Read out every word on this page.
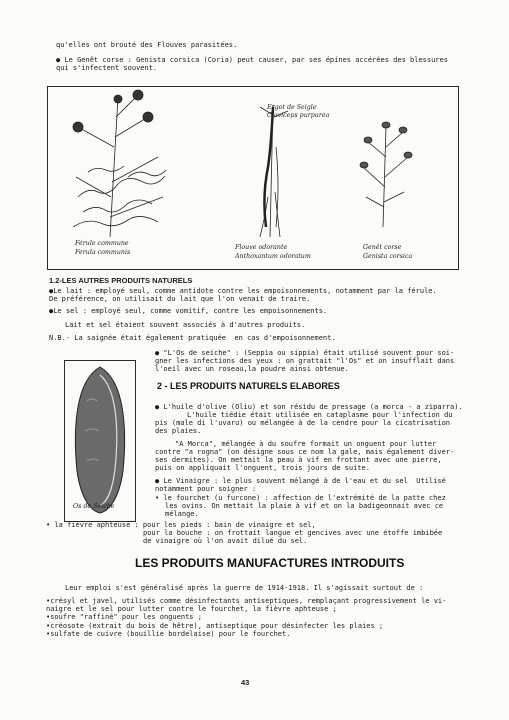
qu'elles ont brouté des Flouves parasitées.
● Le Genêt corse : Genista corsica (Coria) peut causer, par ses épines accérées des blessures
qui s'infectent souvent.
Ergot de Seigle
Claviceps purpurea
Férule commune
Ferula communis
Flouve odorante
Anthoxantum odoratum
Genêt corse
Genista corsica
1.2-LES AUTRES PRODUITS NATURELS
●Le lait : employé seul, comme antidote contre les empoisonnements, notamment par la férule.
De préférence, on utilisait du lait que l'on venait de traire.
●Le sel : employé seul, comme vomitif, contre les empoisonnements.
Lait et sel étaient souvent associés à d'autres produits.
N.B.- La saignée était également pratiquée  en cas d'empoisonnement.
Os de Seiche
● "L'Os de seiche" : (Seppia ou sippia) était utilisé souvent pour soi-
gner les infections des yeux : on grattait "l'Os" et on insufflait dans
l'oeil avec un roseau,la poudre ainsi obtenue.
2 - LES PRODUITS NATURELS ELABORES
● L'huile d'olive (Oliu) et son résidu de pressage (a morca - a ziparra).
L'huile tiédie était utilisée en cataplasme pour l'infection du
pis (male di l'uvaru) ou mélangée à de la cendre pour la cicatrisation
des plaies.
"A Morca", mélangée à du soufre formait un onguent pour lutter
contre "a rogna" (on désigne sous ce nom la gale, mais également diver-
ses dermites). On mettait la peau à vif en frottant avec une pierre,
puis on appliquait l'onguent, trois jours de suite.
● Le Vinaigre : le plus souvent mélangé à de l'eau et du sel  Utilisé
notamment pour soigner :
• le fourchet (u furcone) : affection de l'extrémité de la patte chez
les ovins. On mettait la plaie à vif et on la badigeonnait avec ce
mélange.
• la fièvre aphteuse : pour les pieds : bain de vinaigre et sel,
pour la bouche : on frottait langue et gencives avec une étoffe imbibée
de vinaigre où l'on avait dilué du sel.
LES PRODUITS MANUFACTURES INTRODUITS
Leur emploi s'est généralisé après la guerre de 1914-1918. Il s'agissait surtout de :
•crésyl et javel, utilisés comme désinfectants antiseptiques, remplaçant progressivement le vi-
naigre et le sel pour lutter contre le fourchet, la fièvre aphteuse ;
•soufre "raffiné" pour les onguents ;
•créosote (extrait du bois de hêtre), antiseptique pour désinfecter les plaies ;
•sulfate de cuivre (bouillie bordelaise) pour le fourchet.
43
